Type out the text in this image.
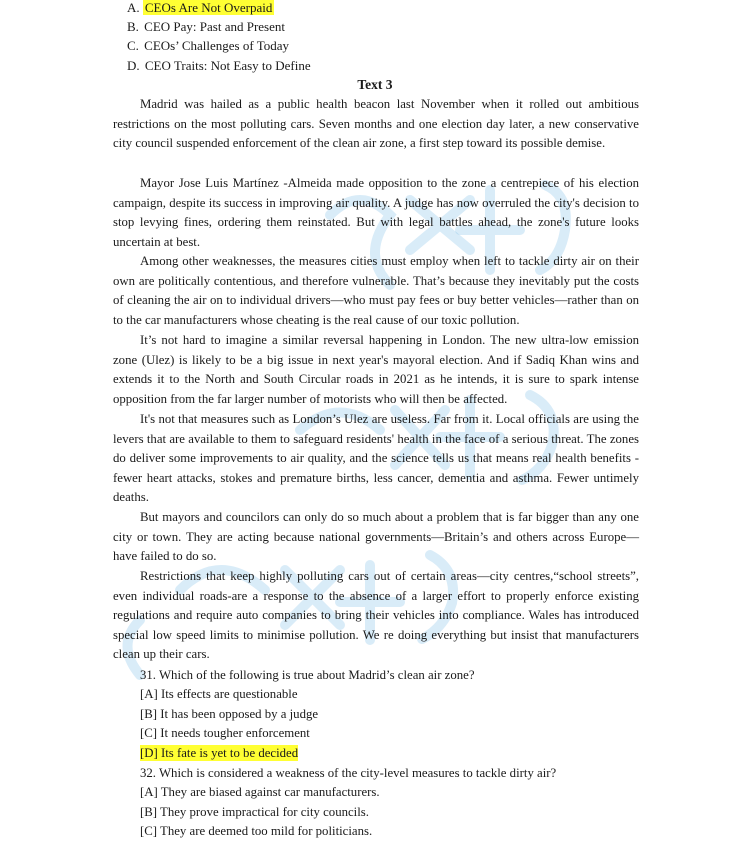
A. CEOs Are Not Overpaid
B. CEO Pay: Past and Present
C. CEOs’ Challenges of Today
D. CEO Traits: Not Easy to Define
Text 3

Madrid was hailed as a public health beacon last November when it rolled out ambitious restrictions on the most polluting cars. Seven months and one election day later, a new conservative city council suspended enforcement of the clean air zone, a first step toward its possible demise.

Mayor Jose Luis Martínez -Almeida made opposition to the zone a centrepiece of his election campaign, despite its success in improving air quality. A judge has now overruled the city's decision to stop levying fines, ordering them reinstated. But with legal battles ahead, the zone's future looks uncertain at best.

Among other weaknesses, the measures cities must employ when left to tackle dirty air on their own are politically contentious, and therefore vulnerable. That’s because they inevitably put the costs of cleaning the air on to individual drivers—who must pay fees or buy better vehicles—rather than on to the car manufacturers whose cheating is the real cause of our toxic pollution.

It’s not hard to imagine a similar reversal happening in London. The new ultra-low emission zone (Ulez) is likely to be a big issue in next year's mayoral election. And if Sadiq Khan wins and extends it to the North and South Circular roads in 2021 as he intends, it is sure to spark intense opposition from the far larger number of motorists who will then be affected.

It's not that measures such as London’s Ulez are useless. Far from it. Local officials are using the levers that are available to them to safeguard residents' health in the face of a serious threat. The zones do deliver some improvements to air quality, and the science tells us that means real health benefits - fewer heart attacks, stokes and premature births, less cancer, dementia and asthma. Fewer untimely deaths.

But mayors and councilors can only do so much about a problem that is far bigger than any one city or town. They are acting because national governments—Britain’s and others across Europe—have failed to do so.

Restrictions that keep highly polluting cars out of certain areas—city centres,“school streets”, even individual roads-are a response to the absence of a larger effort to properly enforce existing regulations and require auto companies to bring their vehicles into compliance. Wales has introduced special low speed limits to minimise pollution. We re doing everything but insist that manufacturers clean up their cars.

31. Which of the following is true about Madrid’s clean air zone?
[A] Its effects are questionable
[B] It has been opposed by a judge
[C] It needs tougher enforcement
[D] Its fate is yet to be decided
32. Which is considered a weakness of the city-level measures to tackle dirty air?
[A] They are biased against car manufacturers.
[B] They prove impractical for city councils.
[C] They are deemed too mild for politicians.
